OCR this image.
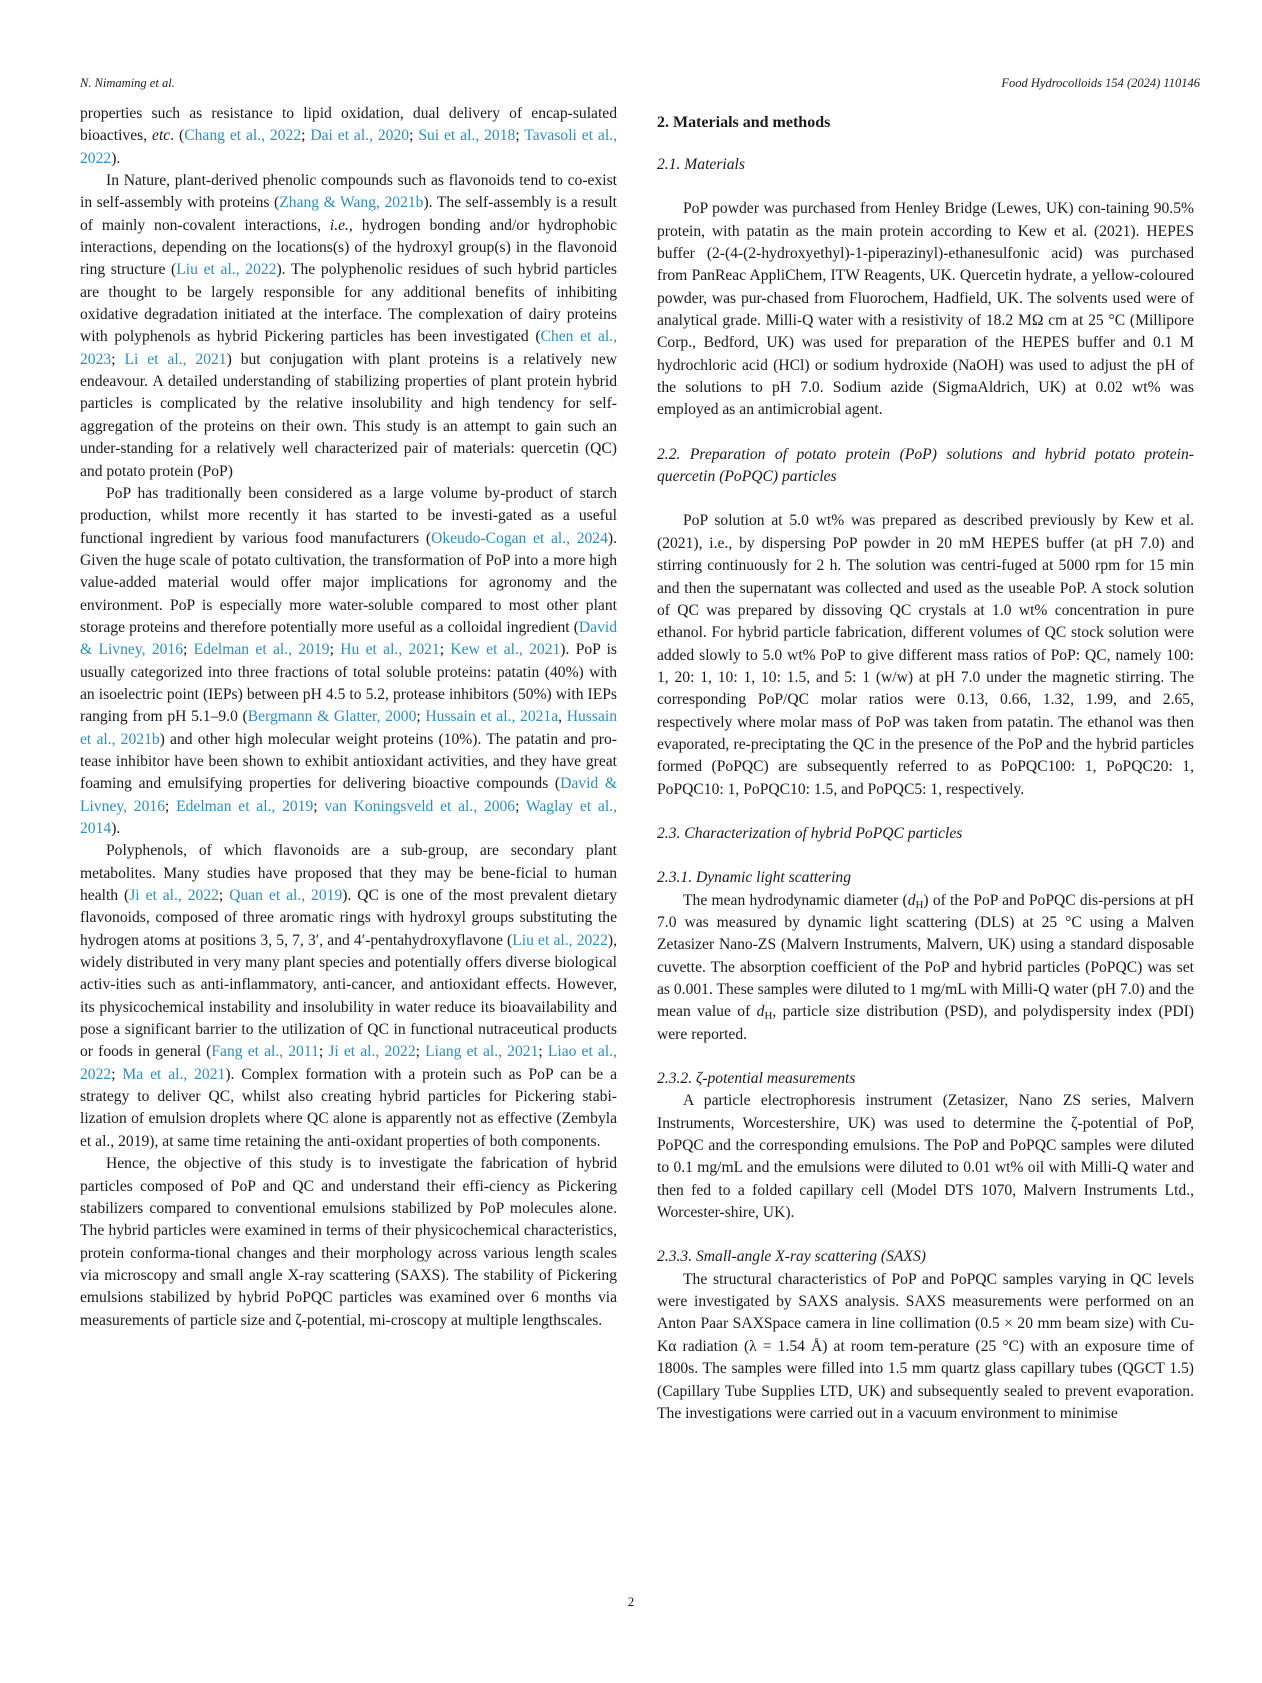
N. Nimaming et al.	Food Hydrocolloids 154 (2024) 110146

properties such as resistance to lipid oxidation, dual delivery of encap-sulated bioactives, etc. (Chang et al., 2022; Dai et al., 2020; Sui et al., 2018; Tavasoli et al., 2022).

In Nature, plant-derived phenolic compounds such as flavonoids tend to co-exist in self-assembly with proteins (Zhang & Wang, 2021b). The self-assembly is a result of mainly non-covalent interactions, i.e., hydrogen bonding and/or hydrophobic interactions, depending on the locations(s) of the hydroxyl group(s) in the flavonoid ring structure (Liu et al., 2022). The polyphenolic residues of such hybrid particles are thought to be largely responsible for any additional benefits of inhibiting oxidative degradation initiated at the interface. The complexation of dairy proteins with polyphenols as hybrid Pickering particles has been investigated (Chen et al., 2023; Li et al., 2021) but conjugation with plant proteins is a relatively new endeavour. A detailed understanding of stabilizing properties of plant protein hybrid particles is complicated by the relative insolubility and high tendency for self-aggregation of the proteins on their own. This study is an attempt to gain such an under-standing for a relatively well characterized pair of materials: quercetin (QC) and potato protein (PoP)

PoP has traditionally been considered as a large volume by-product of starch production, whilst more recently it has started to be investi-gated as a useful functional ingredient by various food manufacturers (Okeudo-Cogan et al., 2024). Given the huge scale of potato cultivation, the transformation of PoP into a more high value-added material would offer major implications for agronomy and the environment. PoP is especially more water-soluble compared to most other plant storage proteins and therefore potentially more useful as a colloidal ingredient (David & Livney, 2016; Edelman et al., 2019; Hu et al., 2021; Kew et al., 2021). PoP is usually categorized into three fractions of total soluble proteins: patatin (40%) with an isoelectric point (IEPs) between pH 4.5 to 5.2, protease inhibitors (50%) with IEPs ranging from pH 5.1–9.0 (Bergmann & Glatter, 2000; Hussain et al., 2021a, Hussain et al., 2021b) and other high molecular weight proteins (10%). The patatin and pro-tease inhibitor have been shown to exhibit antioxidant activities, and they have great foaming and emulsifying properties for delivering bioactive compounds (David & Livney, 2016; Edelman et al., 2019; van Koningsveld et al., 2006; Waglay et al., 2014).

Polyphenols, of which flavonoids are a sub-group, are secondary plant metabolites. Many studies have proposed that they may be bene-ficial to human health (Ji et al., 2022; Quan et al., 2019). QC is one of the most prevalent dietary flavonoids, composed of three aromatic rings with hydroxyl groups substituting the hydrogen atoms at positions 3, 5, 7, 3′, and 4′-pentahydroxyflavone (Liu et al., 2022), widely distributed in very many plant species and potentially offers diverse biological activ-ities such as anti-inflammatory, anti-cancer, and antioxidant effects. However, its physicochemical instability and insolubility in water reduce its bioavailability and pose a significant barrier to the utilization of QC in functional nutraceutical products or foods in general (Fang et al., 2011; Ji et al., 2022; Liang et al., 2021; Liao et al., 2022; Ma et al., 2021). Complex formation with a protein such as PoP can be a strategy to deliver QC, whilst also creating hybrid particles for Pickering stabi-lization of emulsion droplets where QC alone is apparently not as effective (Zembyla et al., 2019), at same time retaining the anti-oxidant properties of both components.

Hence, the objective of this study is to investigate the fabrication of hybrid particles composed of PoP and QC and understand their effi-ciency as Pickering stabilizers compared to conventional emulsions stabilized by PoP molecules alone. The hybrid particles were examined in terms of their physicochemical characteristics, protein conforma-tional changes and their morphology across various length scales via microscopy and small angle X-ray scattering (SAXS). The stability of Pickering emulsions stabilized by hybrid PoPQC particles was examined over 6 months via measurements of particle size and ζ-potential, mi-croscopy at multiple lengthscales.

2. Materials and methods
2.1. Materials

PoP powder was purchased from Henley Bridge (Lewes, UK) con-taining 90.5% protein, with patatin as the main protein according to Kew et al. (2021). HEPES buffer (2-(4-(2-hydroxyethyl)-1-piperazinyl)-ethanesulfonic acid) was purchased from PanReac AppliChem, ITW Reagents, UK. Quercetin hydrate, a yellow-coloured powder, was pur-chased from Fluorochem, Hadfield, UK. The solvents used were of analytical grade. Milli-Q water with a resistivity of 18.2 MΩ cm at 25 °C (Millipore Corp., Bedford, UK) was used for preparation of the HEPES buffer and 0.1 M hydrochloric acid (HCl) or sodium hydroxide (NaOH) was used to adjust the pH of the solutions to pH 7.0. Sodium azide (SigmaAldrich, UK) at 0.02 wt% was employed as an antimicrobial agent.

2.2. Preparation of potato protein (PoP) solutions and hybrid potato protein-quercetin (PoPQC) particles

PoP solution at 5.0 wt% was prepared as described previously by Kew et al. (2021), i.e., by dispersing PoP powder in 20 mM HEPES buffer (at pH 7.0) and stirring continuously for 2 h. The solution was centri-fuged at 5000 rpm for 15 min and then the supernatant was collected and used as the useable PoP. A stock solution of QC was prepared by dissoving QC crystals at 1.0 wt% concentration in pure ethanol. For hybrid particle fabrication, different volumes of QC stock solution were added slowly to 5.0 wt% PoP to give different mass ratios of PoP: QC, namely 100: 1, 20: 1, 10: 1, 10: 1.5, and 5: 1 (w/w) at pH 7.0 under the magnetic stirring. The corresponding PoP/QC molar ratios were 0.13, 0.66, 1.32, 1.99, and 2.65, respectively where molar mass of PoP was taken from patatin. The ethanol was then evaporated, re-preciptating the QC in the presence of the PoP and the hybrid particles formed (PoPQC) are subsequently referred to as PoPQC100: 1, PoPQC20: 1, PoPQC10: 1, PoPQC10: 1.5, and PoPQC5: 1, respectively.

2.3. Characterization of hybrid PoPQC particles
2.3.1. Dynamic light scattering

The mean hydrodynamic diameter $(d_H)$ of the PoP and PoPQC dis-persions at pH 7.0 was measured by dynamic light scattering (DLS) at 25 °C using a Malven Zetasizer Nano-ZS (Malvern Instruments, Malvern, UK) using a standard disposable cuvette. The absorption coefficient of the PoP and hybrid particles (PoPQC) was set as 0.001. These samples were diluted to 1 mg/mL with Milli-Q water (pH 7.0) and the mean value of $d_H$, particle size distribution (PSD), and polydispersity index (PDI) were reported.

2.3.2. ζ-potential measurements

A particle electrophoresis instrument (Zetasizer, Nano ZS series, Malvern Instruments, Worcestershire, UK) was used to determine the ζ-potential of PoP, PoPQC and the corresponding emulsions. The PoP and PoPQC samples were diluted to 0.1 mg/mL and the emulsions were diluted to 0.01 wt% oil with Milli-Q water and then fed to a folded capillary cell (Model DTS 1070, Malvern Instruments Ltd., Worcester-shire, UK).

2.3.3. Small-angle X-ray scattering (SAXS)

The structural characteristics of PoP and PoPQC samples varying in QC levels were investigated by SAXS analysis. SAXS measurements were performed on an Anton Paar SAXSpace camera in line collimation (0.5 × 20 mm beam size) with Cu-Kα radiation (λ = 1.54 Å) at room tem-perature (25 °C) with an exposure time of 1800s. The samples were filled into 1.5 mm quartz glass capillary tubes (QGCT 1.5) (Capillary Tube Supplies LTD, UK) and subsequently sealed to prevent evaporation. The investigations were carried out in a vacuum environment to minimise

2
